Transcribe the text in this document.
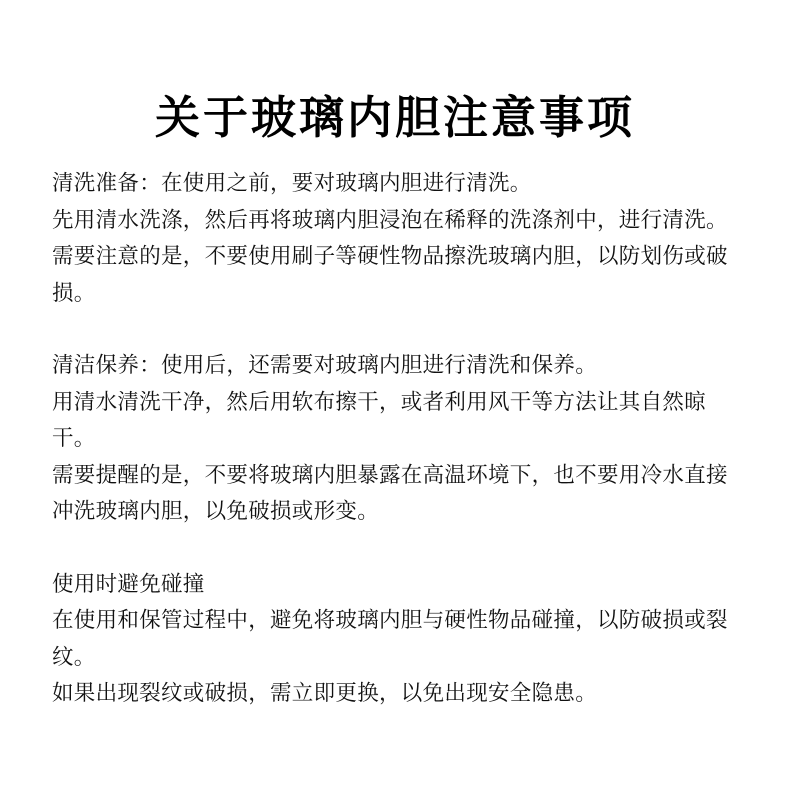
关于玻璃内胆注意事项

清洗准备：在使用之前，要对玻璃内胆进行清洗。

先用清水洗涤，然后再将玻璃内胆浸泡在稀释的洗涤剂中，进行清洗。

需要注意的是，不要使用刷子等硬性物品擦洗玻璃内胆，以防划伤或破损。

清洁保养：使用后，还需要对玻璃内胆进行清洗和保养。

用清水清洗干净，然后用软布擦干，或者利用风干等方法让其自然晾干。

需要提醒的是，不要将玻璃内胆暴露在高温环境下，也不要用冷水直接冲洗玻璃内胆，以免破损或形变。

使用时避免碰撞

在使用和保管过程中，避免将玻璃内胆与硬性物品碰撞，以防破损或裂纹。

如果出现裂纹或破损，需立即更换，以免出现安全隐患。
